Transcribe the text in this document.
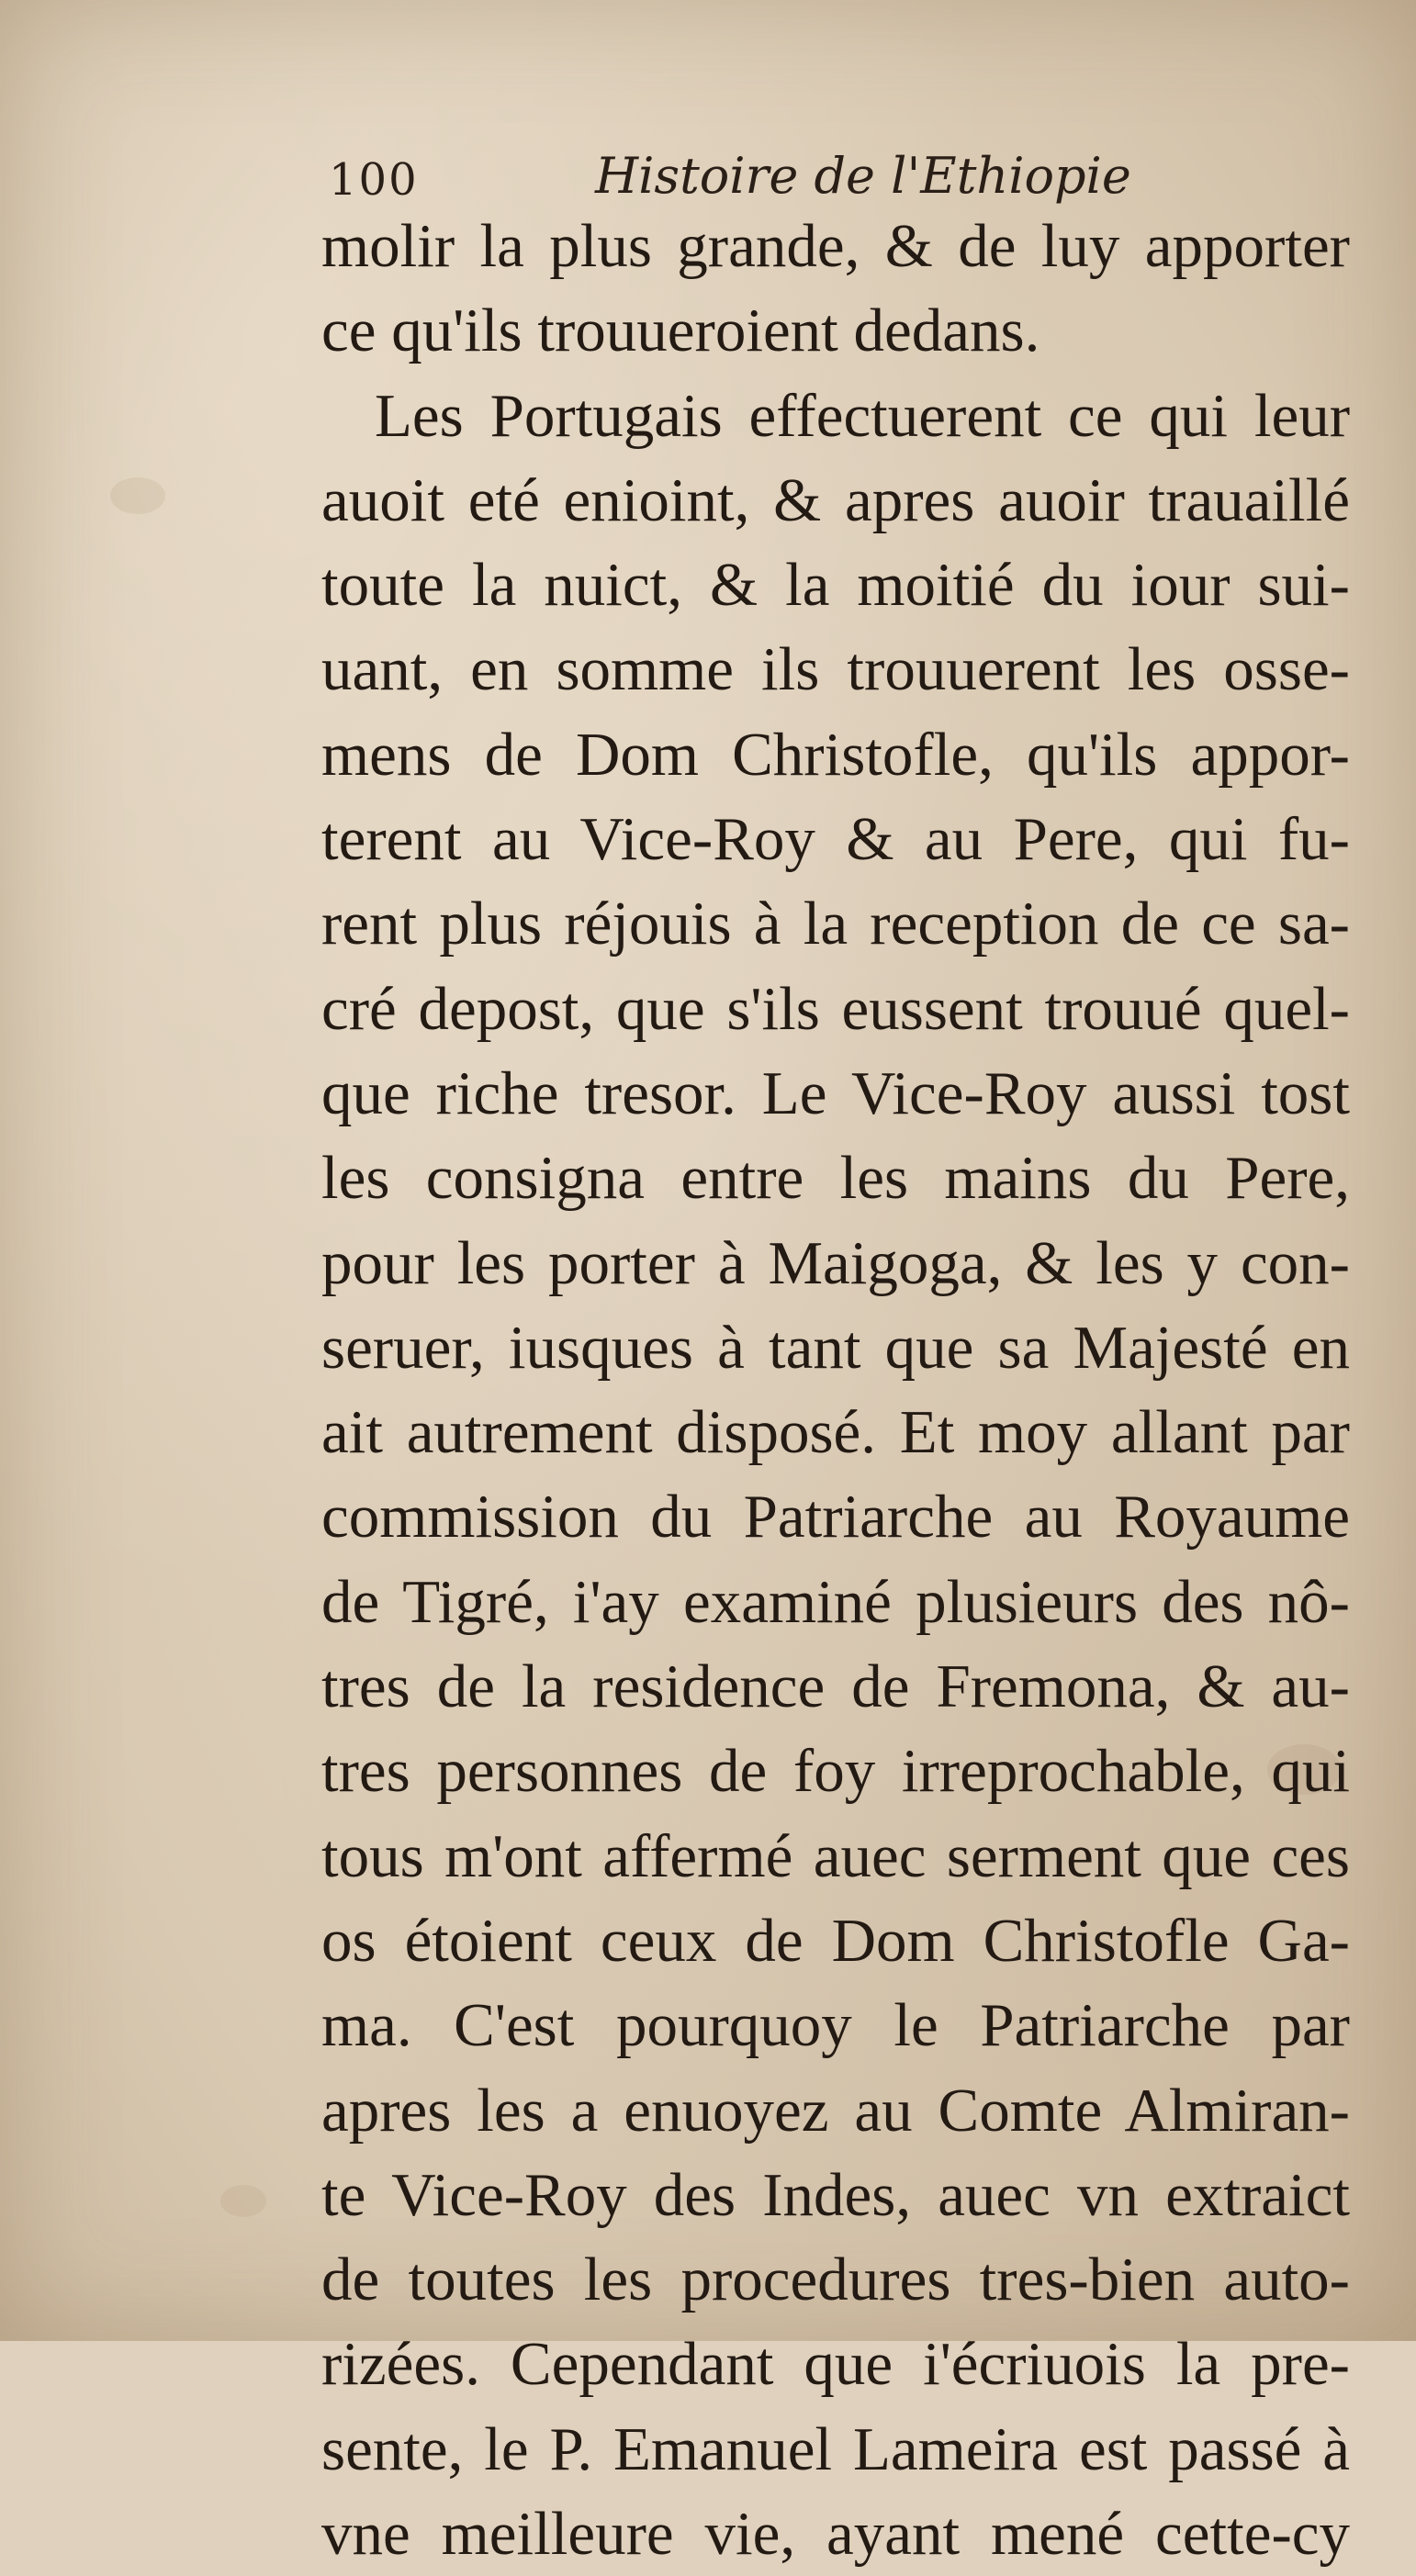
100	Histoire de l'Ethiopie
molir la plus grande, & de luy apporter
ce qu'ils trouueroient dedans.
Les Portugais effectuerent ce qui leur
auoit eté enioint, & apres auoir trauaillé
toute la nuict, & la moitié du iour sui-
uant, en somme ils trouuerent les osse-
mens de Dom Christofle, qu'ils appor-
terent au Vice-Roy & au Pere, qui fu-
rent plus réjouis à la reception de ce sa-
cré depost, que s'ils eussent trouué quel-
que riche tresor. Le Vice-Roy aussi tost
les consigna entre les mains du Pere,
pour les porter à Maigoga, & les y con-
seruer, iusques à tant que sa Majesté en
ait autrement disposé. Et moy allant par
commission du Patriarche au Royaume
de Tigré, i'ay examiné plusieurs des nô-
tres de la residence de Fremona, & au-
tres personnes de foy irreprochable, qui
tous m'ont affermé auec serment que ces
os étoient ceux de Dom Christofle Ga-
ma. C'est pourquoy le Patriarche par
apres les a enuoyez au Comte Almiran-
te Vice-Roy des Indes, auec vn extraict
de toutes les procedures tres-bien auto-
rizées. Cependant que i'écriuois la pre-
sente, le P. Emanuel Lameira est passé à
vne meilleure vie, ayant mené cette-cy
